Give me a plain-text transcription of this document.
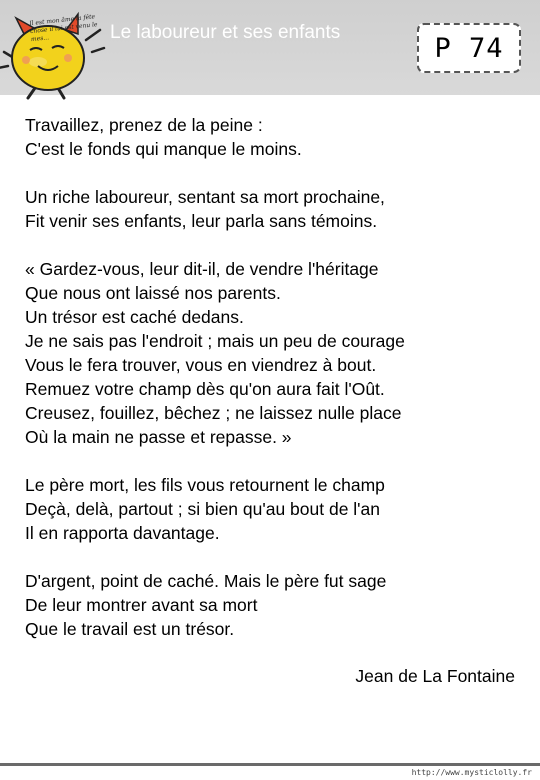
Il est mon âme la fête chose il lui est venu le mes...	Le laboureur et ses enfants	P 74
Travaillez, prenez de la peine :
C'est le fonds qui manque le moins.
Un riche laboureur, sentant sa mort prochaine,
Fit venir ses enfants, leur parla sans témoins.
« Gardez-vous, leur dit-il, de vendre l'héritage
Que nous ont laissé nos parents.
Un trésor est caché dedans.
Je ne sais pas l'endroit ; mais un peu de courage
Vous le fera trouver, vous en viendrez à bout.
Remuez votre champ dès qu'on aura fait l'Oût.
Creusez, fouillez, bêchez ; ne laissez nulle place
Où la main ne passe et repasse. »
Le père mort, les fils vous retournent le champ
Deçà, delà, partout ; si bien qu'au bout de l'an
Il en rapporta davantage.
D'argent, point de caché. Mais le père fut sage
De leur montrer avant sa mort
Que le travail est un trésor.
Jean de La Fontaine
http://www.mysticlolly.fr
